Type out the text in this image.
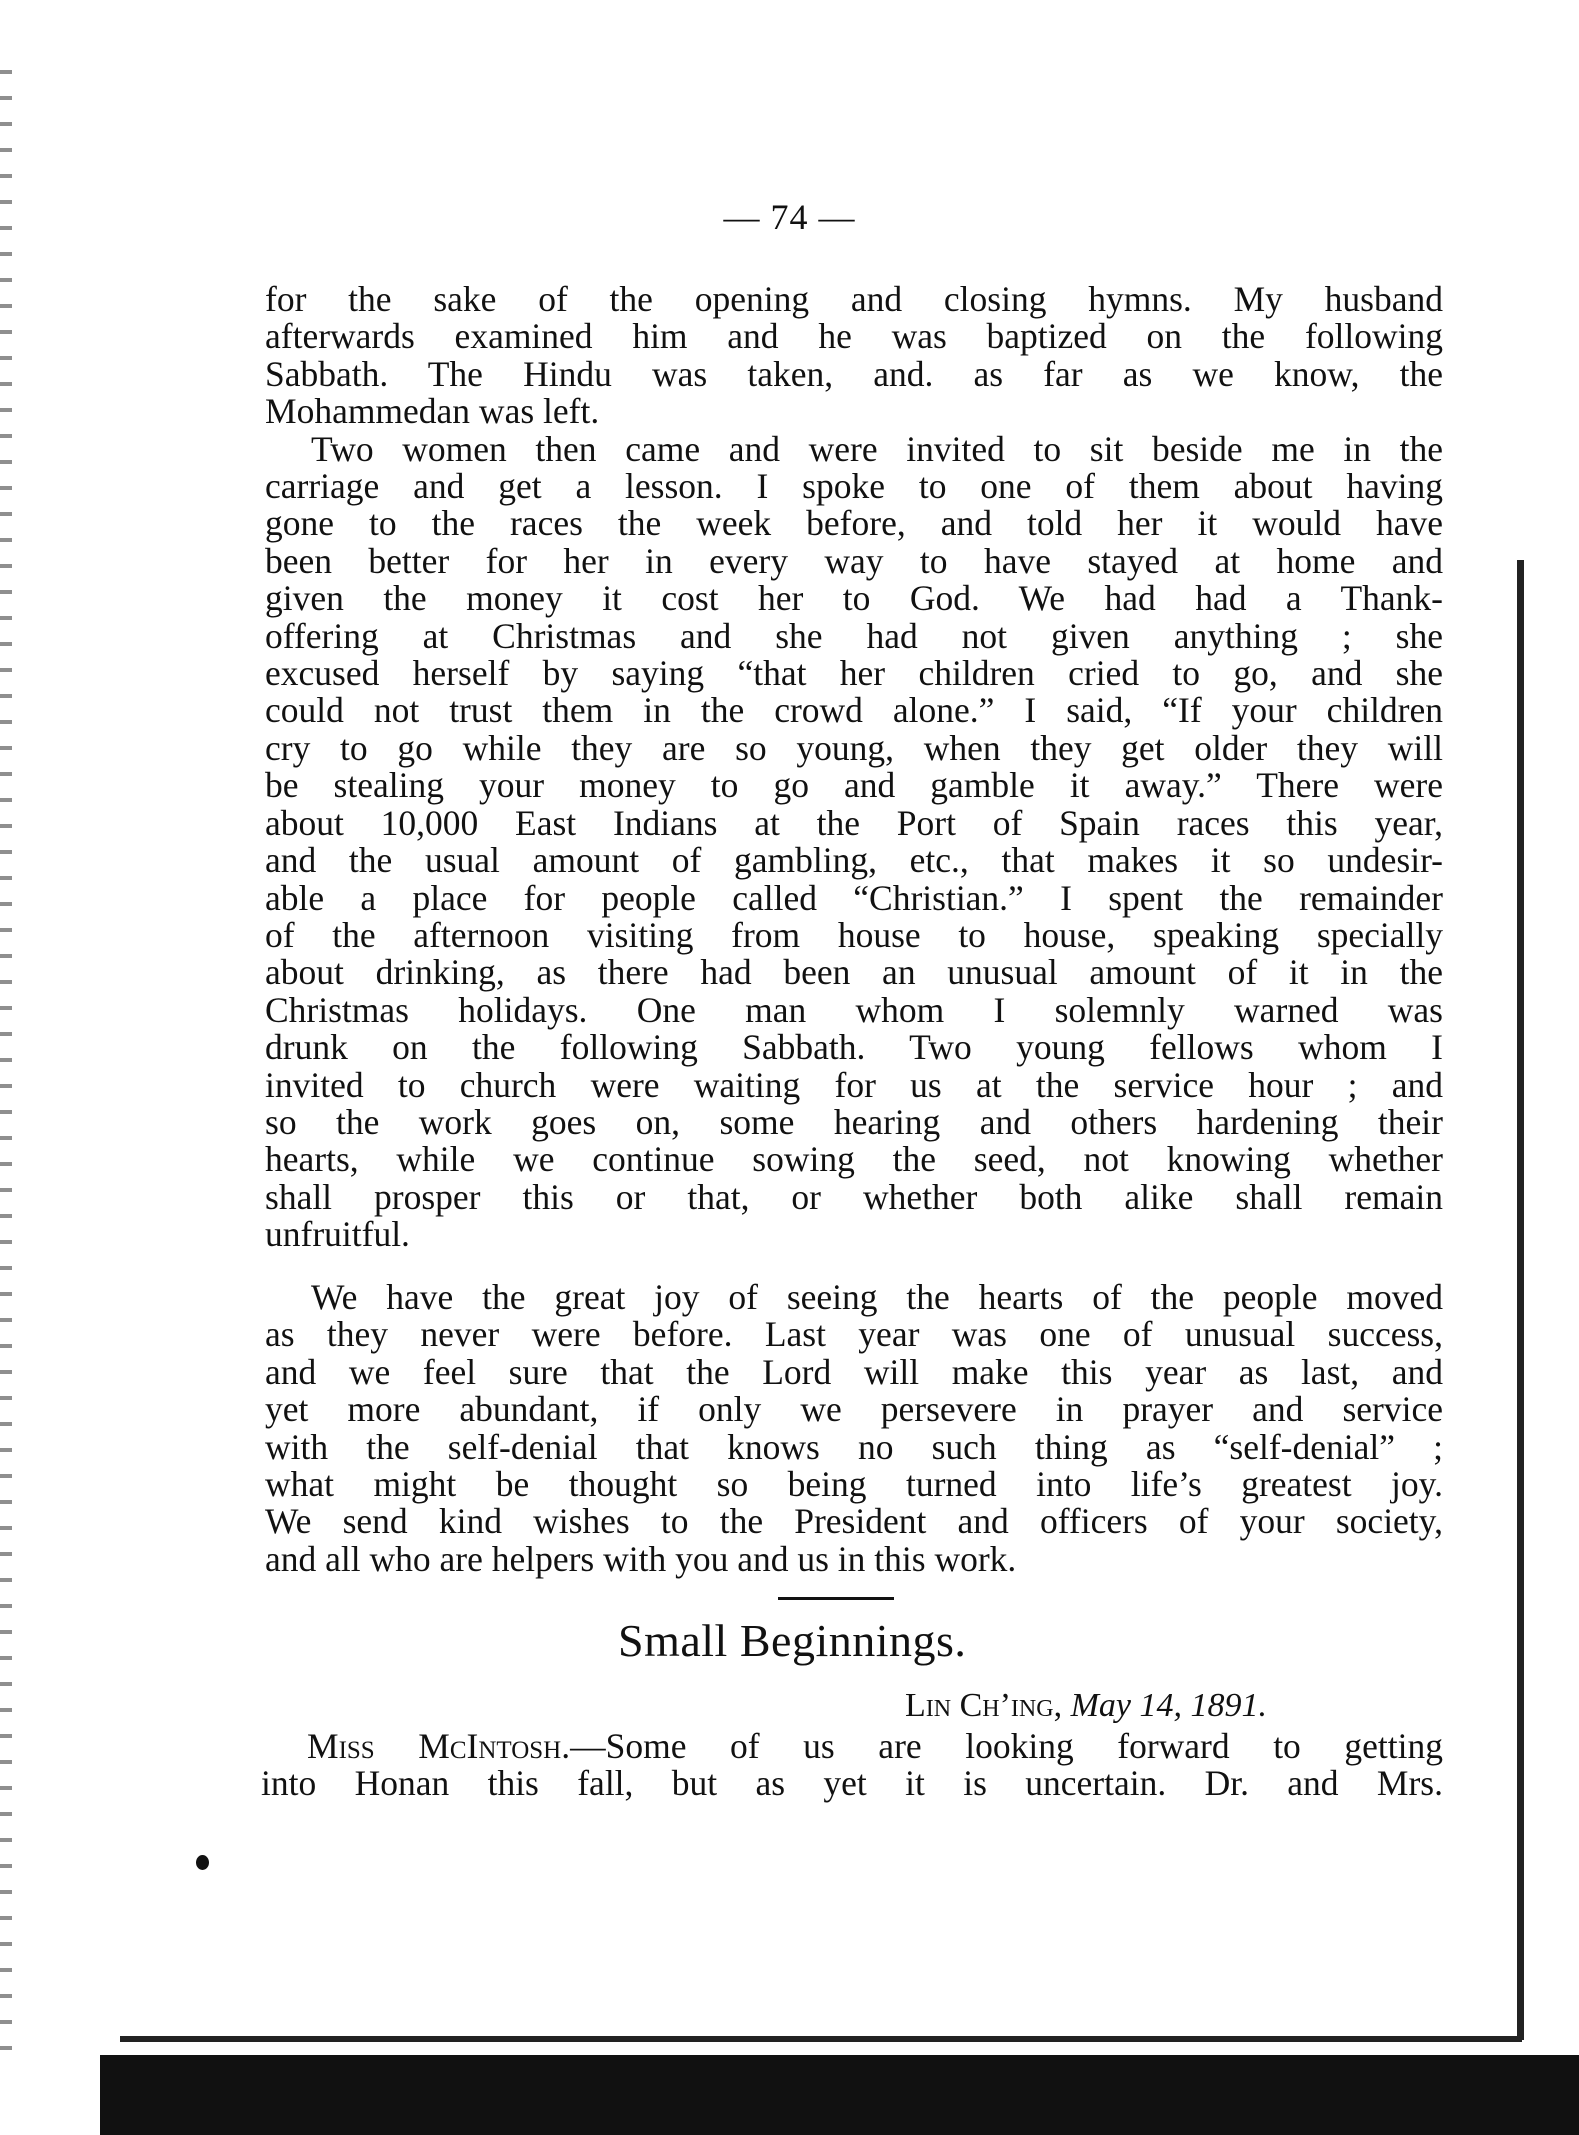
— 74 —

for the sake of the opening and closing hymns. My husband

afterwards examined him and he was baptized on the following

Sabbath. The Hindu was taken, and. as far as we know, the

Mohammedan was left.

Two women then came and were invited to sit beside me in the

carriage and get a lesson. I spoke to one of them about having

gone to the races the week before, and told her it would have

been better for her in every way to have stayed at home and

given the money it cost her to God. We had had a Thank-

offering at Christmas and she had not given anything ; she

excused herself by saying “that her children cried to go, and she

could not trust them in the crowd alone.” I said, “If your children

cry to go while they are so young, when they get older they will

be stealing your money to go and gamble it away.” There were

about 10,000 East Indians at the Port of Spain races this year,

and the usual amount of gambling, etc., that makes it so undesir-

able a place for people called “Christian.” I spent the remainder

of the afternoon visiting from house to house, speaking specially

about drinking, as there had been an unusual amount of it in the

Christmas holidays. One man whom I solemnly warned was

drunk on the following Sabbath. Two young fellows whom I

invited to church were waiting for us at the service hour ; and

so the work goes on, some hearing and others hardening their

hearts, while we continue sowing the seed, not knowing whether

shall prosper this or that, or whether both alike shall remain

unfruitful.

We have the great joy of seeing the hearts of the people moved

as they never were before. Last year was one of unusual success,

and we feel sure that the Lord will make this year as last, and

yet more abundant, if only we persevere in prayer and service

with the self-denial that knows no such thing as “self-denial” ;

what might be thought so being turned into life’s greatest joy.

We send kind wishes to the President and officers of your society,

and all who are helpers with you and us in this work.

Small Beginnings.
Lin Ch’ing, May 14, 1891.

Miss McIntosh.—Some of us are looking forward to getting

into Honan this fall, but as yet it is uncertain. Dr. and Mrs.
